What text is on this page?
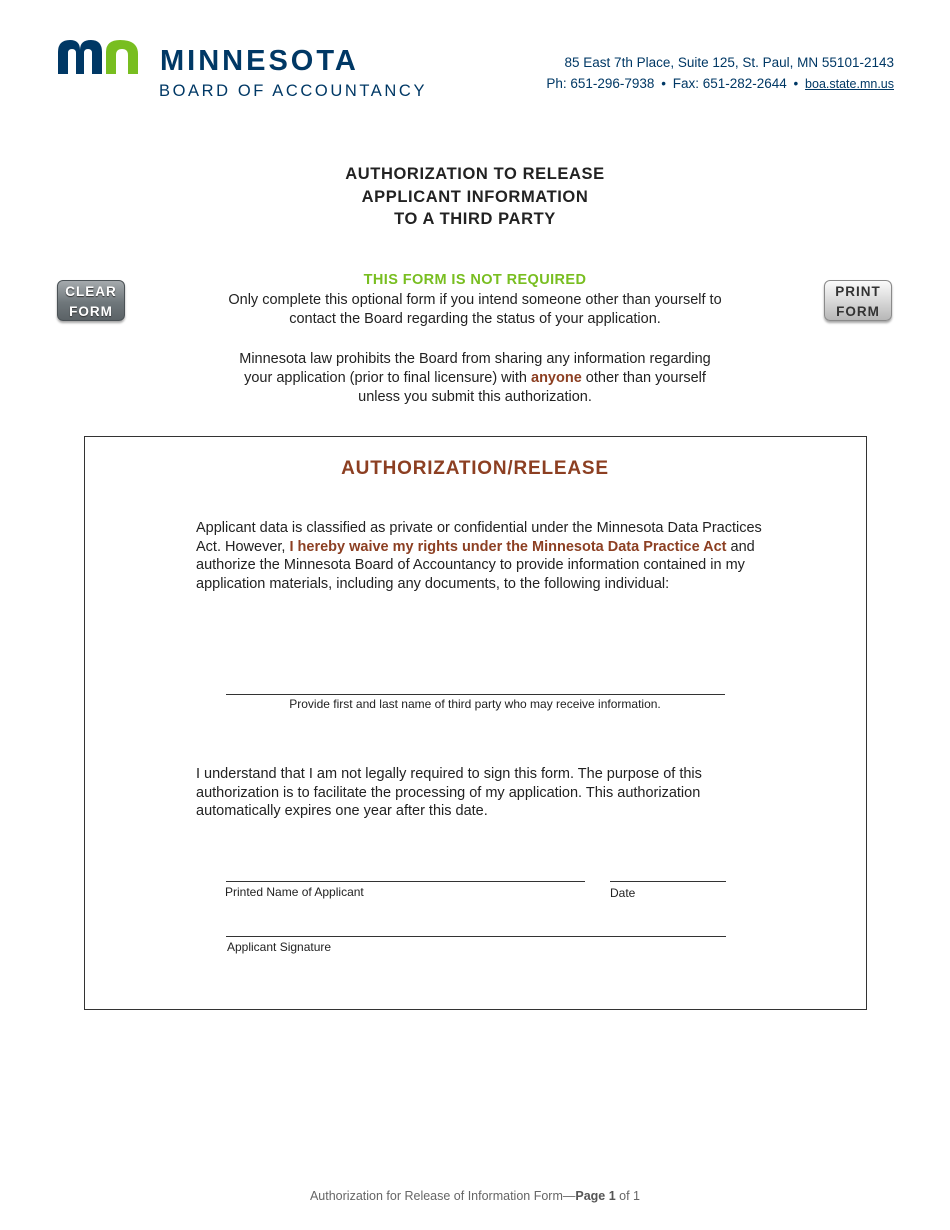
MINNESOTA
BOARD OF ACCOUNTANCY
85 East 7th Place, Suite 125, St. Paul, MN 55101-2143
Ph: 651-296-7938 • Fax: 651-282-2644 • boa.state.mn.us
AUTHORIZATION TO RELEASE
APPLICANT INFORMATION
TO A THIRD PARTY
CLEAR
FORM
PRINT
FORM
THIS FORM IS NOT REQUIRED
Only complete this optional form if you intend someone other than yourself to
contact the Board regarding the status of your application.
Minnesota law prohibits the Board from sharing any information regarding
your application (prior to final licensure) with anyone other than yourself
unless you submit this authorization.
AUTHORIZATION/RELEASE
Applicant data is classified as private or confidential under the Minnesota Data Practices
Act. However, I hereby waive my rights under the Minnesota Data Practice Act and
authorize the Minnesota Board of Accountancy to provide information contained in my
application materials, including any documents, to the following individual:
Provide first and last name of third party who may receive information.
I understand that I am not legally required to sign this form. The purpose of this
authorization is to facilitate the processing of my application. This authorization
automatically expires one year after this date.
Printed Name of Applicant	Date
Applicant Signature
Authorization for Release of Information Form—Page 1 of 1
